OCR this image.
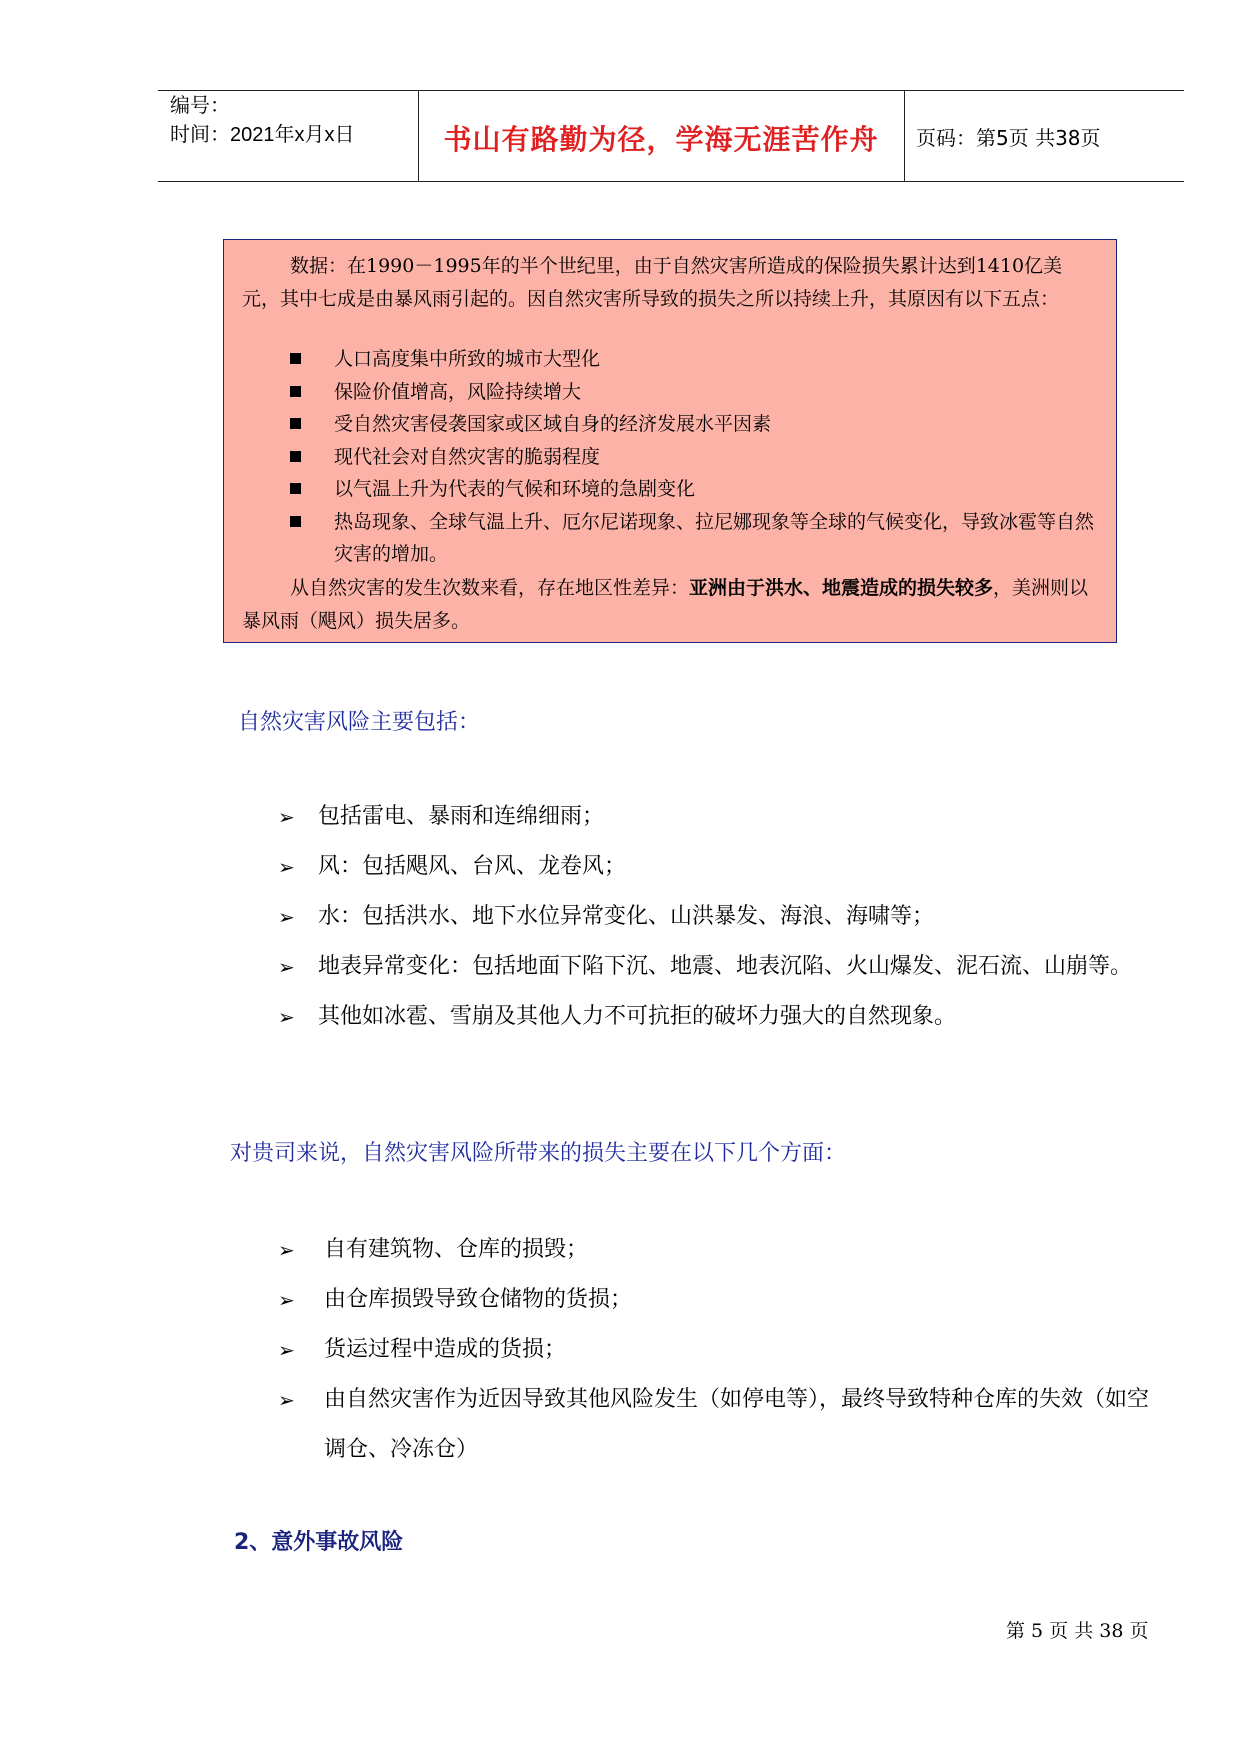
编号：
时间：2021年x月x日	书山有路勤为径，学海无涯苦作舟	页码：第5页 共38页

数据：在1990－1995年的半个世纪里，由于自然灾害所造成的保险损失累计达到1410亿美元，其中七成是由暴风雨引起的。因自然灾害所导致的损失之所以持续上升，其原因有以下五点：

人口高度集中所致的城市大型化
保险价值增高，风险持续增大
受自然灾害侵袭国家或区域自身的经济发展水平因素
现代社会对自然灾害的脆弱程度
以气温上升为代表的气候和环境的急剧变化
热岛现象、全球气温上升、厄尔尼诺现象、拉尼娜现象等全球的气候变化，导致冰雹等自然灾害的增加。

从自然灾害的发生次数来看，存在地区性差异：亚洲由于洪水、地震造成的损失较多，美洲则以暴风雨（飓风）损失居多。

自然灾害风险主要包括：
➢ 包括雷电、暴雨和连绵细雨；
➢ 风：包括飓风、台风、龙卷风；
➢ 水：包括洪水、地下水位异常变化、山洪暴发、海浪、海啸等；
➢ 地表异常变化：包括地面下陷下沉、地震、地表沉陷、火山爆发、泥石流、山崩等。
➢ 其他如冰雹、雪崩及其他人力不可抗拒的破坏力强大的自然现象。
对贵司来说，自然灾害风险所带来的损失主要在以下几个方面：
➢ 自有建筑物、仓库的损毁；
➢ 由仓库损毁导致仓储物的货损；
➢ 货运过程中造成的货损；
➢ 由自然灾害作为近因导致其他风险发生（如停电等），最终导致特种仓库的失效（如空调仓、冷冻仓）
2、意外事故风险
第 5 页 共 38 页
